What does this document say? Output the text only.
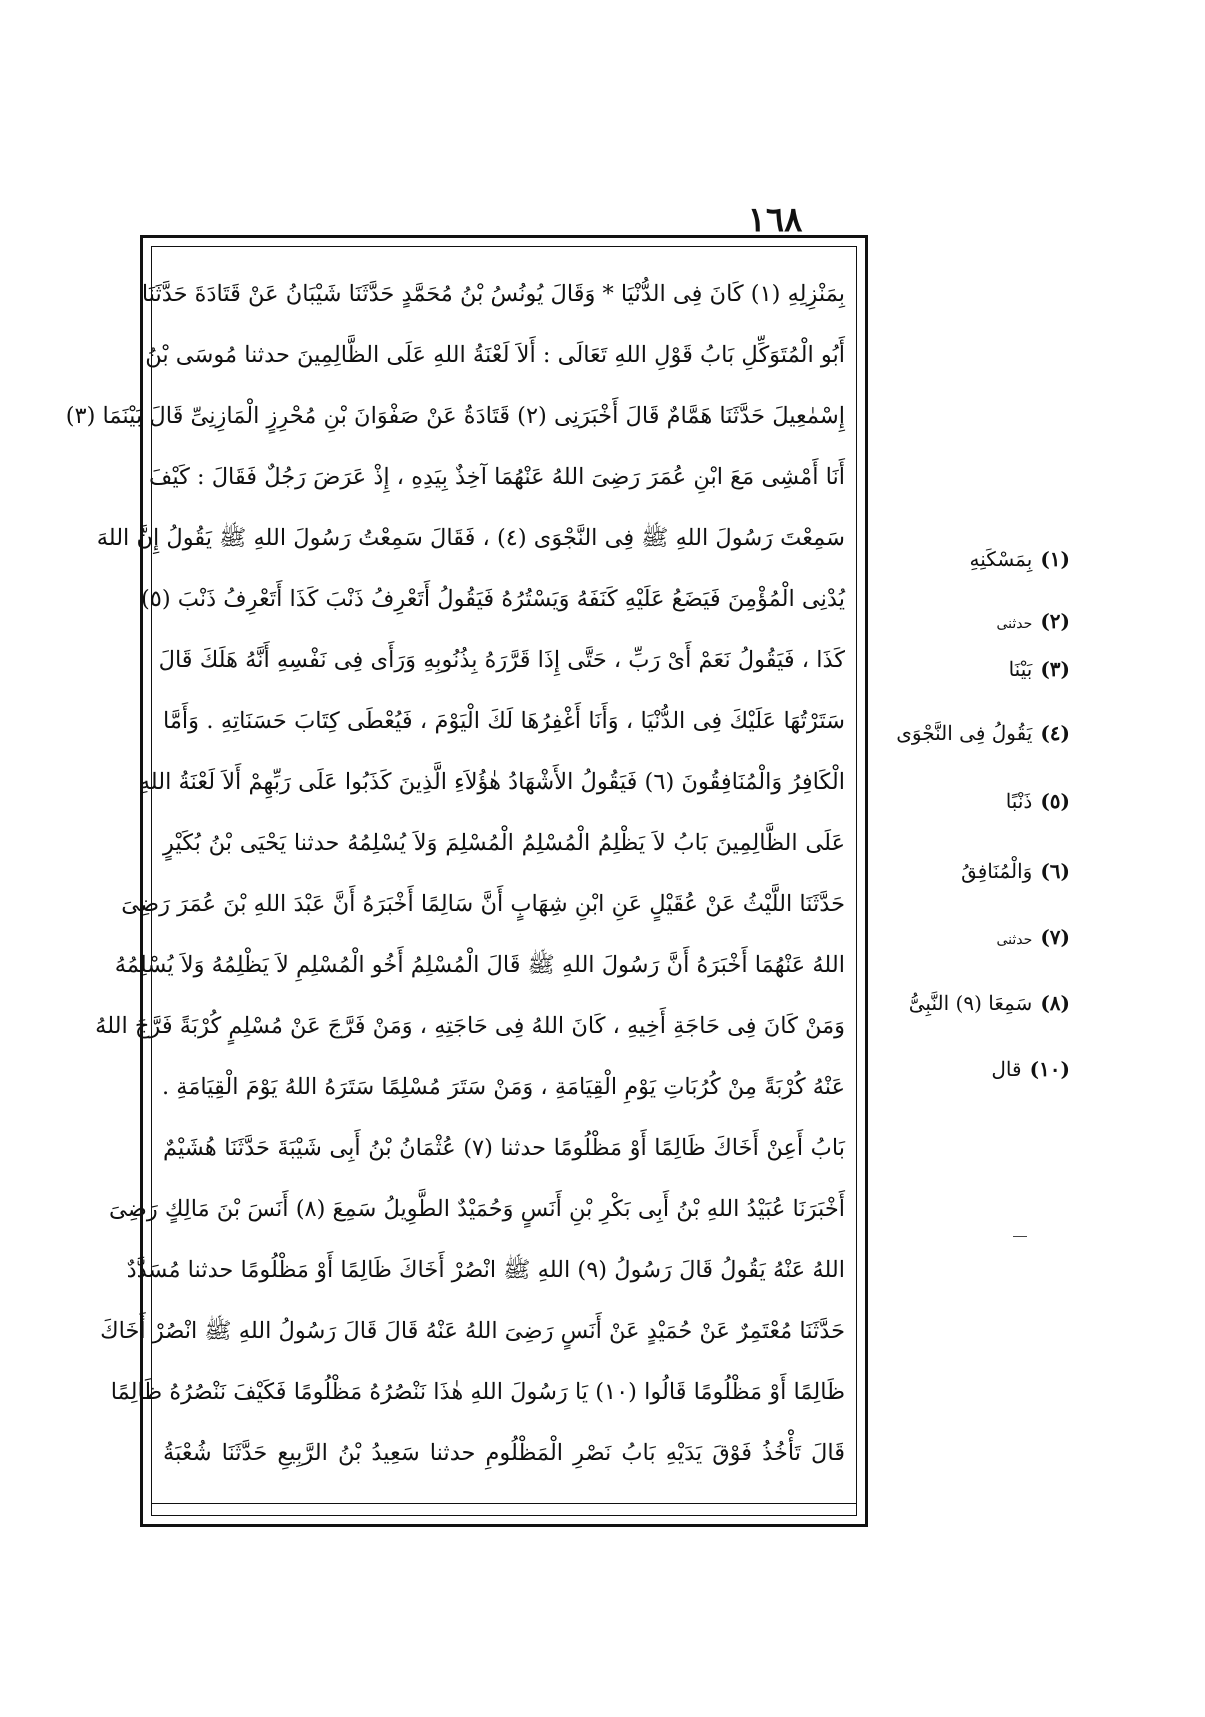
١٦٨
بِمَنْزِلِهِ (١) كَانَ فِى الدُّنْيَا * وَقَالَ يُونُسُ بْنُ مُحَمَّدٍ حَدَّثَنَا شَيْبَانُ عَنْ قَتَادَةَ حَدَّثَنَا
أَبُو الْمُتَوَكِّلِ بَابُ قَوْلِ اللهِ تَعَالَى : أَلاَ لَعْنَةُ اللهِ عَلَى الظَّالِمِينَ حدثنا مُوسَى بْنُ
إِسْمٰعِيلَ حَدَّثَنَا هَمَّامٌ قَالَ أَخْبَرَنِى (٢) قَتَادَةُ عَنْ صَفْوَانَ بْنِ مُحْرِزٍ الْمَازِنِىِّ قَالَ بَيْنَمَا (٣)
أَنَا أَمْشِى مَعَ ابْنِ عُمَرَ رَضِىَ اللهُ عَنْهُمَا آخِذٌ بِيَدِهِ ، إِذْ عَرَضَ رَجُلٌ فَقَالَ : كَيْفَ
سَمِعْتَ رَسُولَ اللهِ ﷺ فِى النَّجْوَى (٤) ، فَقَالَ سَمِعْتُ رَسُولَ اللهِ ﷺ يَقُولُ إِنَّ اللهَ
يُدْنِى الْمُؤْمِنَ فَيَضَعُ عَلَيْهِ كَنَفَهُ وَيَسْتُرُهُ فَيَقُولُ أَتَعْرِفُ ذَنْبَ كَذَا أَتَعْرِفُ ذَنْبَ (٥)
كَذَا ، فَيَقُولُ نَعَمْ أَىْ رَبِّ ، حَتَّى إِذَا قَرَّرَهُ بِذُنُوبِهِ وَرَأَى فِى نَفْسِهِ أَنَّهُ هَلَكَ قَالَ
سَتَرْتُهَا عَلَيْكَ فِى الدُّنْيَا ، وَأَنَا أَغْفِرُهَا لَكَ الْيَوْمَ ، فَيُعْطَى كِتَابَ حَسَنَاتِهِ . وَأَمَّا
الْكَافِرُ وَالْمُنَافِقُونَ (٦) فَيَقُولُ الأَشْهَادُ هٰؤُلاَءِ الَّذِينَ كَذَبُوا عَلَى رَبِّهِمْ أَلاَ لَعْنَةُ اللهِ
عَلَى الظَّالِمِينَ بَابُ لاَ يَظْلِمُ الْمُسْلِمُ الْمُسْلِمَ وَلاَ يُسْلِمُهُ حدثنا يَحْيَى بْنُ بُكَيْرٍ
حَدَّثَنَا اللَّيْثُ عَنْ عُقَيْلٍ عَنِ ابْنِ شِهَابٍ أَنَّ سَالِمًا أَخْبَرَهُ أَنَّ عَبْدَ اللهِ بْنَ عُمَرَ رَضِىَ
اللهُ عَنْهُمَا أَخْبَرَهُ أَنَّ رَسُولَ اللهِ ﷺ قَالَ الْمُسْلِمُ أَخُو الْمُسْلِمِ لاَ يَظْلِمُهُ وَلاَ يُسْلِمُهُ
وَمَنْ كَانَ فِى حَاجَةِ أَخِيهِ ، كَانَ اللهُ فِى حَاجَتِهِ ، وَمَنْ فَرَّجَ عَنْ مُسْلِمٍ كُرْبَةً فَرَّجَ اللهُ
عَنْهُ كُرْبَةً مِنْ كُرُبَاتِ يَوْمِ الْقِيَامَةِ ، وَمَنْ سَتَرَ مُسْلِمًا سَتَرَهُ اللهُ يَوْمَ الْقِيَامَةِ .
بَابُ أَعِنْ أَخَاكَ ظَالِمًا أَوْ مَظْلُومًا حدثنا (٧) عُثْمَانُ بْنُ أَبِى شَيْبَةَ حَدَّثَنَا هُشَيْمٌ
أَخْبَرَنَا عُبَيْدُ اللهِ بْنُ أَبِى بَكْرِ بْنِ أَنَسٍ وَحُمَيْدٌ الطَّوِيلُ سَمِعَ (٨) أَنَسَ بْنَ مَالِكٍ رَضِىَ
اللهُ عَنْهُ يَقُولُ قَالَ رَسُولُ (٩) اللهِ ﷺ انْصُرْ أَخَاكَ ظَالِمًا أَوْ مَظْلُومًا حدثنا مُسَدَّدٌ
حَدَّثَنَا مُعْتَمِرٌ عَنْ حُمَيْدٍ عَنْ أَنَسٍ رَضِىَ اللهُ عَنْهُ قَالَ قَالَ رَسُولُ اللهِ ﷺ انْصُرْ أَخَاكَ
ظَالِمًا أَوْ مَظْلُومًا قَالُوا (١٠) يَا رَسُولَ اللهِ هٰذَا نَنْصُرُهُ مَظْلُومًا فَكَيْفَ نَنْصُرُهُ ظَالِمًا
قَالَ تَأْخُذُ فَوْقَ يَدَيْهِ بَابُ نَصْرِ الْمَظْلُومِ حدثنا سَعِيدُ بْنُ الرَّبِيعِ حَدَّثَنَا شُعْبَةُ
(١)بِمَسْكَنِهِ
(٢)حدثنى
(٣)بَيْنَا
(٤)يَقُولُ فِى النَّجْوَى
(٥)ذَنْبًا
(٦)وَالْمُنَافِقُ
(٧)حدثنى
(٨)سَمِعَا (٩) النَّبِىُّ
(١٠)قال
